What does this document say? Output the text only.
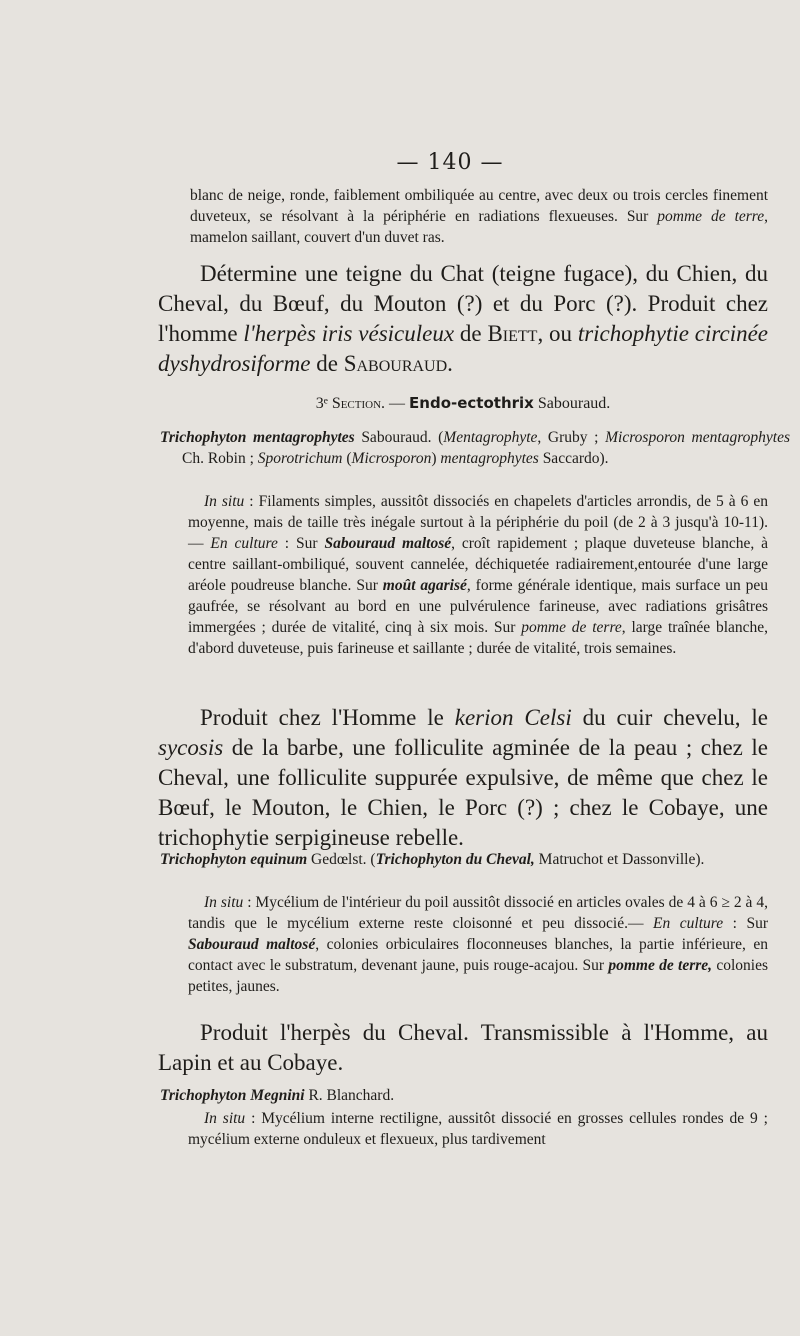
— 140 —
blanc de neige, ronde, faiblement ombiliquée au centre, avec deux ou trois cercles finement duveteux, se résolvant à la périphérie en radiations flexueuses. Sur pomme de terre, mamelon saillant, couvert d'un duvet ras.
Détermine une teigne du Chat (teigne fugace), du Chien, du Cheval, du Bœuf, du Mouton (?) et du Porc (?). Produit chez l'homme l'herpès iris vésiculeux de Biett, ou trichophytie circinée dyshydrosiforme de Sabouraud.
3ᵉ Section. — Endo-ectothrix Sabouraud.
Trichophyton mentagrophytes Sabouraud. (Mentagrophyte, Gruby ; Microsporon mentagrophytes Ch. Robin ; Sporotrichum (Microsporon) mentagrophytes Saccardo).
In situ : Filaments simples, aussitôt dissociés en chapelets d'articles arrondis, de 5 à 6 en moyenne, mais de taille très inégale surtout à la périphérie du poil (de 2 à 3 jusqu'à 10-11). — En culture : Sur Sabouraud maltosé, croît rapidement ; plaque duveteuse blanche, à centre saillant-ombiliqué, souvent cannelée, déchiquetée radiairement,entourée d'une large aréole poudreuse blanche. Sur moût agarisé, forme générale identique, mais surface un peu gaufrée, se résolvant au bord en une pulvérulence farineuse, avec radiations grisâtres immergées ; durée de vitalité, cinq à six mois. Sur pomme de terre, large traînée blanche, d'abord duveteuse, puis farineuse et saillante ; durée de vitalité, trois semaines.
Produit chez l'Homme le kerion Celsi du cuir chevelu, le sycosis de la barbe, une folliculite agminée de la peau ; chez le Cheval, une folliculite suppurée expulsive, de même que chez le Bœuf, le Mouton, le Chien, le Porc (?) ; chez le Cobaye, une trichophytie serpigineuse rebelle.
Trichophyton equinum Gedœlst. (Trichophyton du Cheval, Matruchot et Dassonville).
In situ : Mycélium de l'intérieur du poil aussitôt dissocié en articles ovales de 4 à 6 ≥ 2 à 4, tandis que le mycélium externe reste cloisonné et peu dissocié.— En culture : Sur Sabouraud maltosé, colonies orbiculaires floconneuses blanches, la partie inférieure, en contact avec le substratum, devenant jaune, puis rouge-acajou. Sur pomme de terre, colonies petites, jaunes.
Produit l'herpès du Cheval. Transmissible à l'Homme, au Lapin et au Cobaye.
Trichophyton Megnini R. Blanchard.
In situ : Mycélium interne rectiligne, aussitôt dissocié en grosses cellules rondes de 9 ; mycélium externe onduleux et flexueux, plus tardivement
